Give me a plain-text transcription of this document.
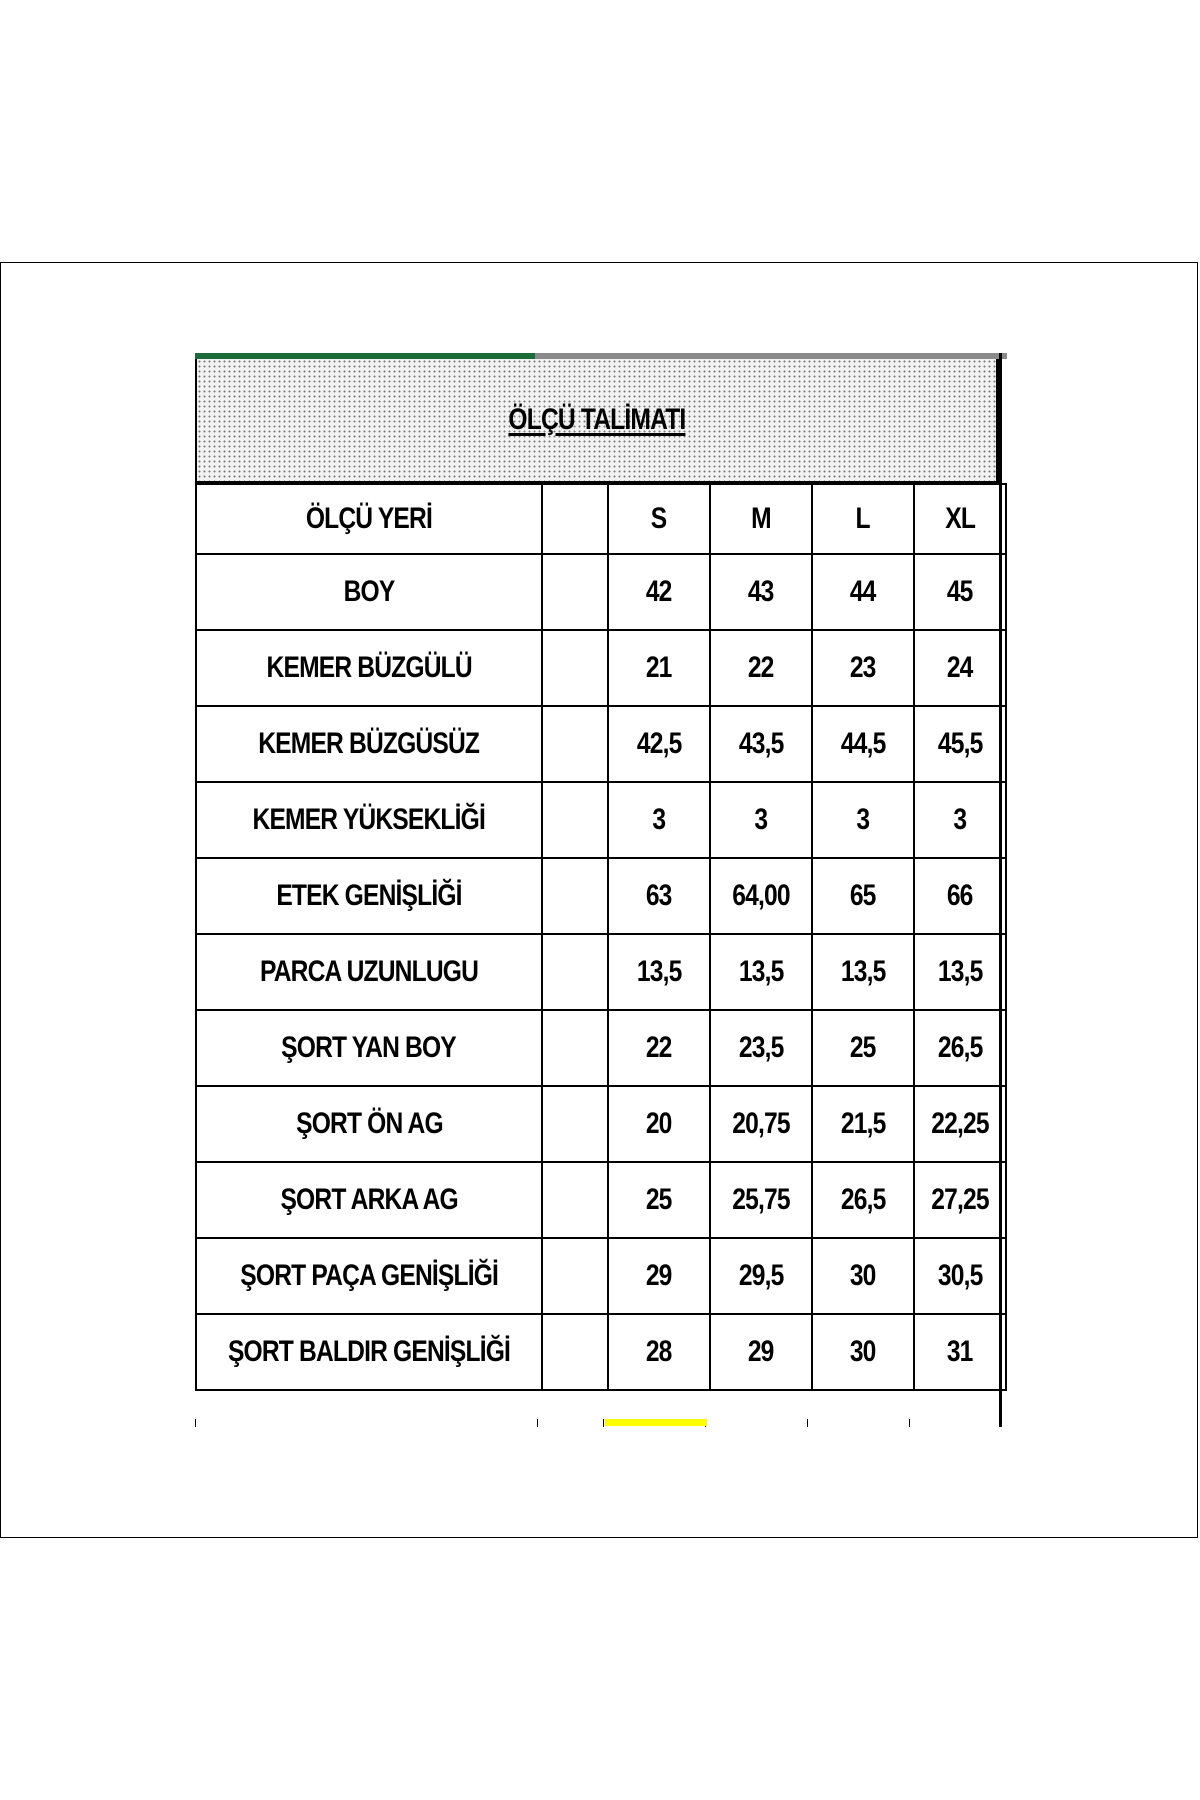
ÖLÇÜ TALİMATI
ÖLÇÜ YERİ		S	M	L	XL
BOY		42	43	44	45
KEMER BÜZGÜLÜ		21	22	23	24
KEMER BÜZGÜSÜZ		42,5	43,5	44,5	45,5
KEMER YÜKSEKLİĞİ		3	3	3	3
ETEK GENİŞLİĞİ		63	64,00	65	66
PARCA UZUNLUGU		13,5	13,5	13,5	13,5
ŞORT YAN BOY		22	23,5	25	26,5
ŞORT ÖN AG		20	20,75	21,5	22,25
ŞORT ARKA AG		25	25,75	26,5	27,25
ŞORT PAÇA GENİŞLİĞİ		29	29,5	30	30,5
ŞORT BALDIR GENİŞLİĞİ		28	29	30	31
